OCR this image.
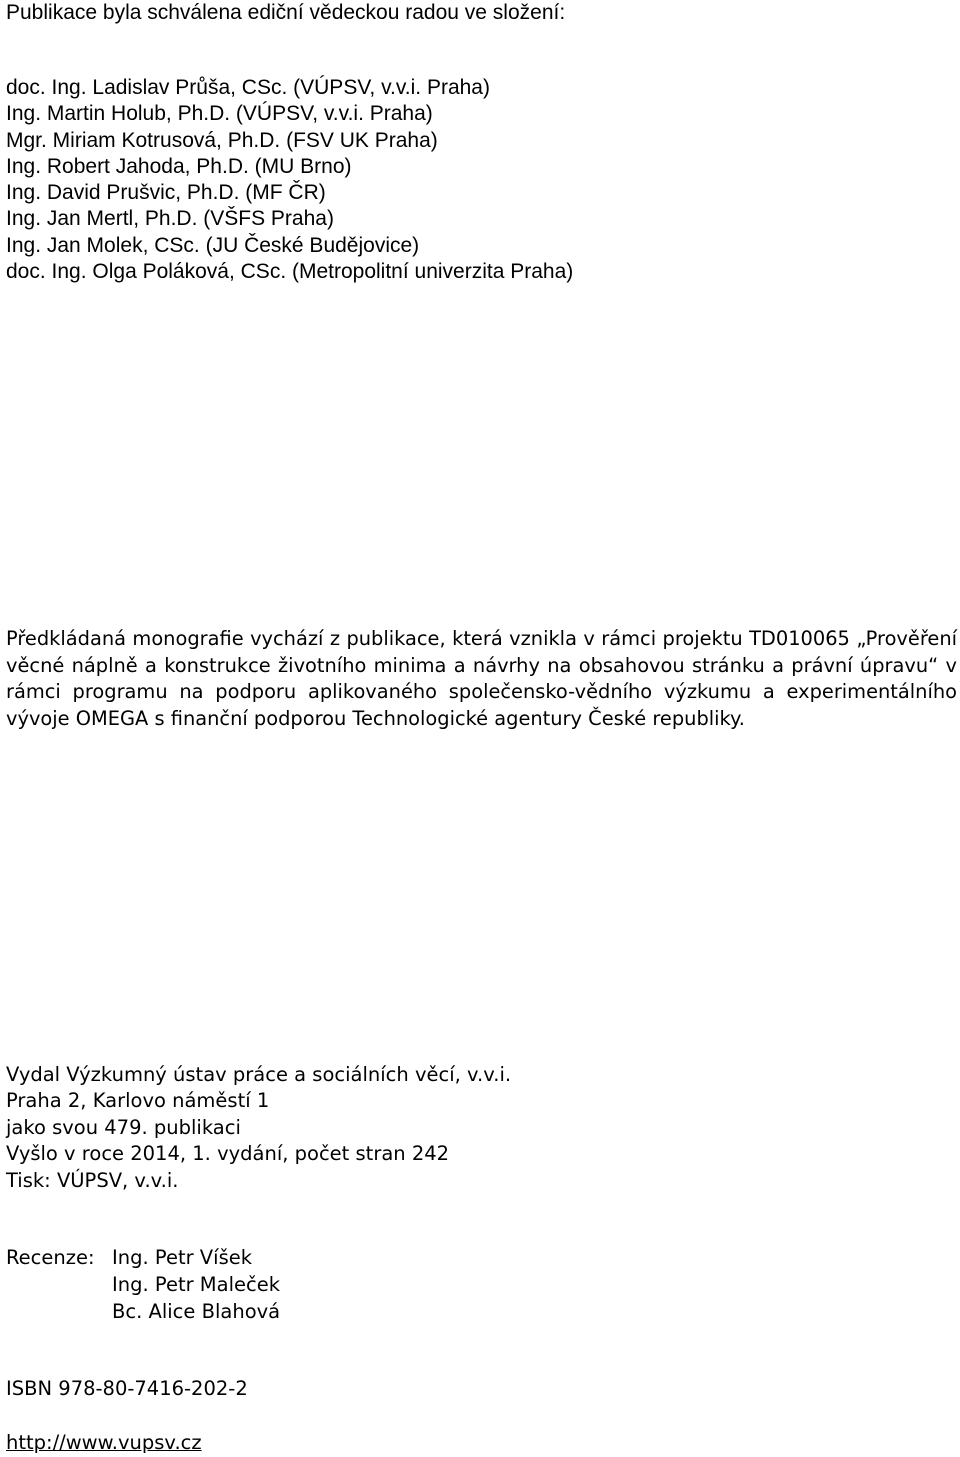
Publikace byla schválena ediční vědeckou radou ve složení:
doc. Ing. Ladislav Průša, CSc. (VÚPSV, v.v.i. Praha)
Ing. Martin Holub, Ph.D. (VÚPSV, v.v.i. Praha)
Mgr. Miriam Kotrusová, Ph.D. (FSV UK Praha)
Ing. Robert Jahoda, Ph.D. (MU Brno)
Ing. David Prušvic, Ph.D. (MF ČR)
Ing. Jan Mertl, Ph.D. (VŠFS Praha)
Ing. Jan Molek, CSc. (JU České Budějovice)
doc. Ing. Olga Poláková, CSc. (Metropolitní univerzita Praha)

Předkládaná monografie vychází z publikace, která vznikla v rámci projektu TD010065 „Prověření věcné náplně a konstrukce životního minima a návrhy na obsahovou stránku a právní úpravu“ v rámci programu na podporu aplikovaného společensko-vědního výzkumu a experimentálního vývoje OMEGA s finanční podporou Technologické agentury České republiky.

Vydal Výzkumný ústav práce a sociálních věcí, v.v.i.
Praha 2, Karlovo náměstí 1
jako svou 479. publikaci
Vyšlo v roce 2014, 1. vydání, počet stran 242
Tisk: VÚPSV, v.v.i.
Recenze: Ing. Petr Víšek
Ing. Petr Maleček
Bc. Alice Blahová
ISBN 978-80-7416-202-2
http://www.vupsv.cz
